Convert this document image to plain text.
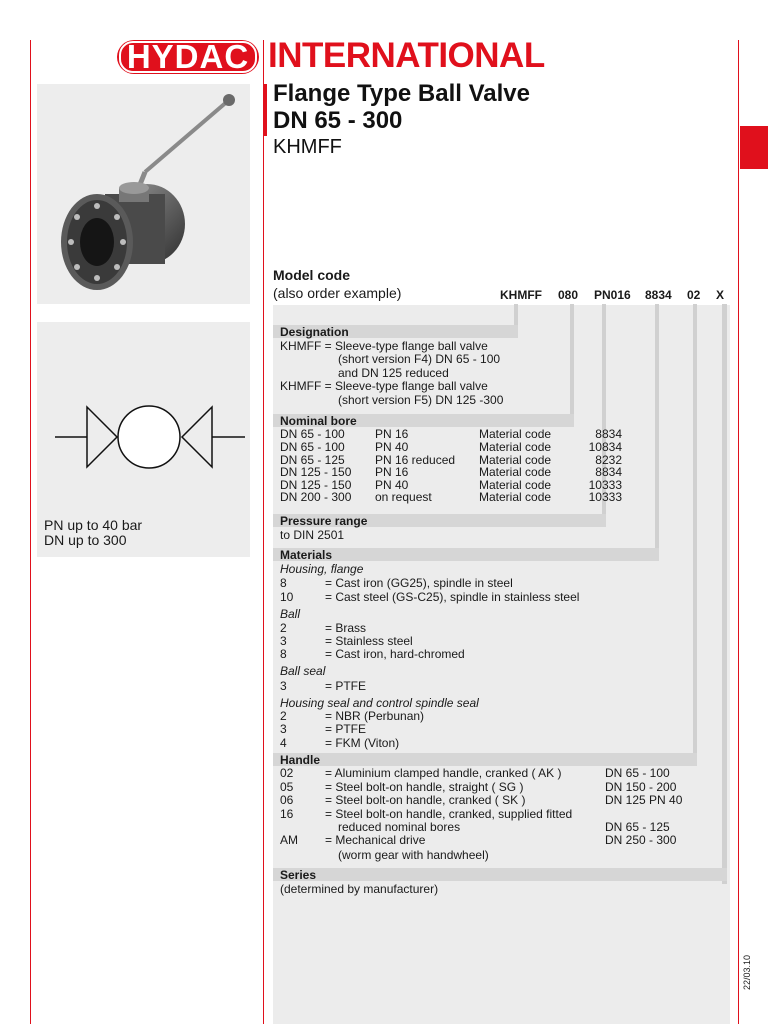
HYDAC INTERNATIONAL
PN up to 40 bar
DN up to 300
Flange Type Ball Valve
DN 65 - 300
KHMFF
Model code
(also order example)	KHMFF 080 PN016 8834 02 X
Designation
KHMFF = Sleeve-type flange ball valve
(short version F4) DN 65 - 100
and DN 125 reduced
KHMFF = Sleeve-type flange ball valve
(short version F5) DN 125 -300
Nominal bore
DN 65 - 100	PN 16	Material code	8834
DN 65 - 100	PN 40	Material code	10834
DN 65 - 125	PN 16 reduced Material code	8232
DN 125 - 150 PN 16	Material code	8834
DN 125 - 150 PN 40	Material code	10333
DN 200 - 300 on request	Material code	10333
Pressure range
to DIN 2501
Materials
Housing, flange
8	= Cast iron (GG25), spindle in steel
10	= Cast steel (GS-C25), spindle in stainless steel
Ball
2	= Brass
3	= Stainless steel
8	= Cast iron, hard-chromed
Ball seal
3	= PTFE
Housing seal and control spindle seal
2	= NBR (Perbunan)
3	= PTFE
4	= FKM (Viton)
Handle
02	= Aluminium clamped handle, cranked ( AK )	DN 65 - 100
05	= Steel bolt-on handle, straight ( SG )	DN 150 - 200
06	= Steel bolt-on handle, cranked ( SK )	DN 125 PN 40
16	= Steel bolt-on handle, cranked, supplied fitted
reduced nominal bores	DN 65 - 125
AM = Mechanical drive	DN 250 - 300
(worm gear with handwheel)
Series
(determined by manufacturer)
22/03.10
